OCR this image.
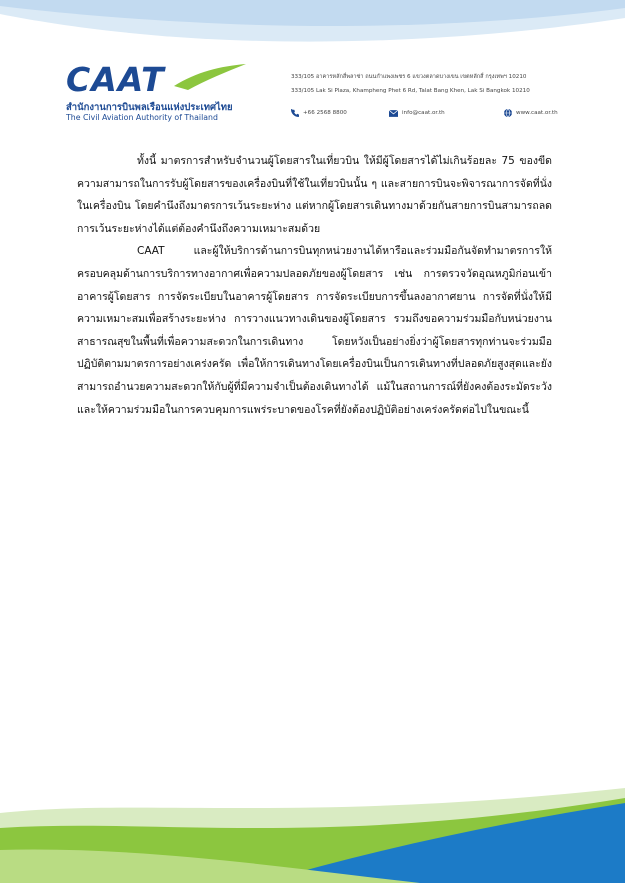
CAAT
สำนักงานการบินพลเรือนแห่งประเทศไทย
The Civil Aviation Authority of Thailand
333/105 อาคารหลักสี่พลาซ่า ถนนกำแพงเพชร 6 แขวงตลาดบางเขน เขตหลักสี่ กรุงเทพฯ 10210
333/105 Lak Si Plaza, Khampheng Phet 6 Rd, Talat Bang Khen, Lak Si Bangkok 10210
+66 2568 8800	info@caat.or.th	www.caat.or.th

ทั้งนี้ มาตรการสำหรับจำนวนผู้โดยสารในเที่ยวบิน ให้มีผู้โดยสารได้ไม่เกินร้อยละ 75 ของขีดความสามารถในการรับผู้โดยสารของเครื่องบินที่ใช้ในเที่ยวบินนั้น ๆ และสายการบินจะพิจารณาการจัดที่นั่งในเครื่องบิน โดยคำนึงถึงมาตรการเว้นระยะห่าง แต่หากผู้โดยสารเดินทางมาด้วยกันสายการบินสามารถลดการเว้นระยะห่างได้แต่ต้องคำนึงถึงความเหมาะสมด้วย

CAAT และผู้ให้บริการด้านการบินทุกหน่วยงานได้หารือและร่วมมือกันจัดทำมาตรการให้ครอบคลุมด้านการบริการทางอากาศเพื่อความปลอดภัยของผู้โดยสาร เช่น การตรวจวัดอุณหภูมิก่อนเข้าอาคารผู้โดยสาร การจัดระเบียบในอาคารผู้โดยสาร การจัดระเบียบการขึ้นลงอากาศยาน การจัดที่นั่งให้มีความเหมาะสมเพื่อสร้างระยะห่าง การวางแนวทางเดินของผู้โดยสาร รวมถึงขอความร่วมมือกับหน่วยงานสาธารณสุขในพื้นที่เพื่อความสะดวกในการเดินทาง โดยหวังเป็นอย่างยิ่งว่าผู้โดยสารทุกท่านจะร่วมมือปฏิบัติตามมาตรการอย่างเคร่งครัด เพื่อให้การเดินทางโดยเครื่องบินเป็นการเดินทางที่ปลอดภัยสูงสุดและยังสามารถอำนวยความสะดวกให้กับผู้ที่มีความจำเป็นต้องเดินทางได้ แม้ในสถานการณ์ที่ยังคงต้องระมัดระวังและให้ความร่วมมือในการควบคุมการแพร่ระบาดของโรคที่ยังต้องปฏิบัติอย่างเคร่งครัดต่อไปในขณะนี้
